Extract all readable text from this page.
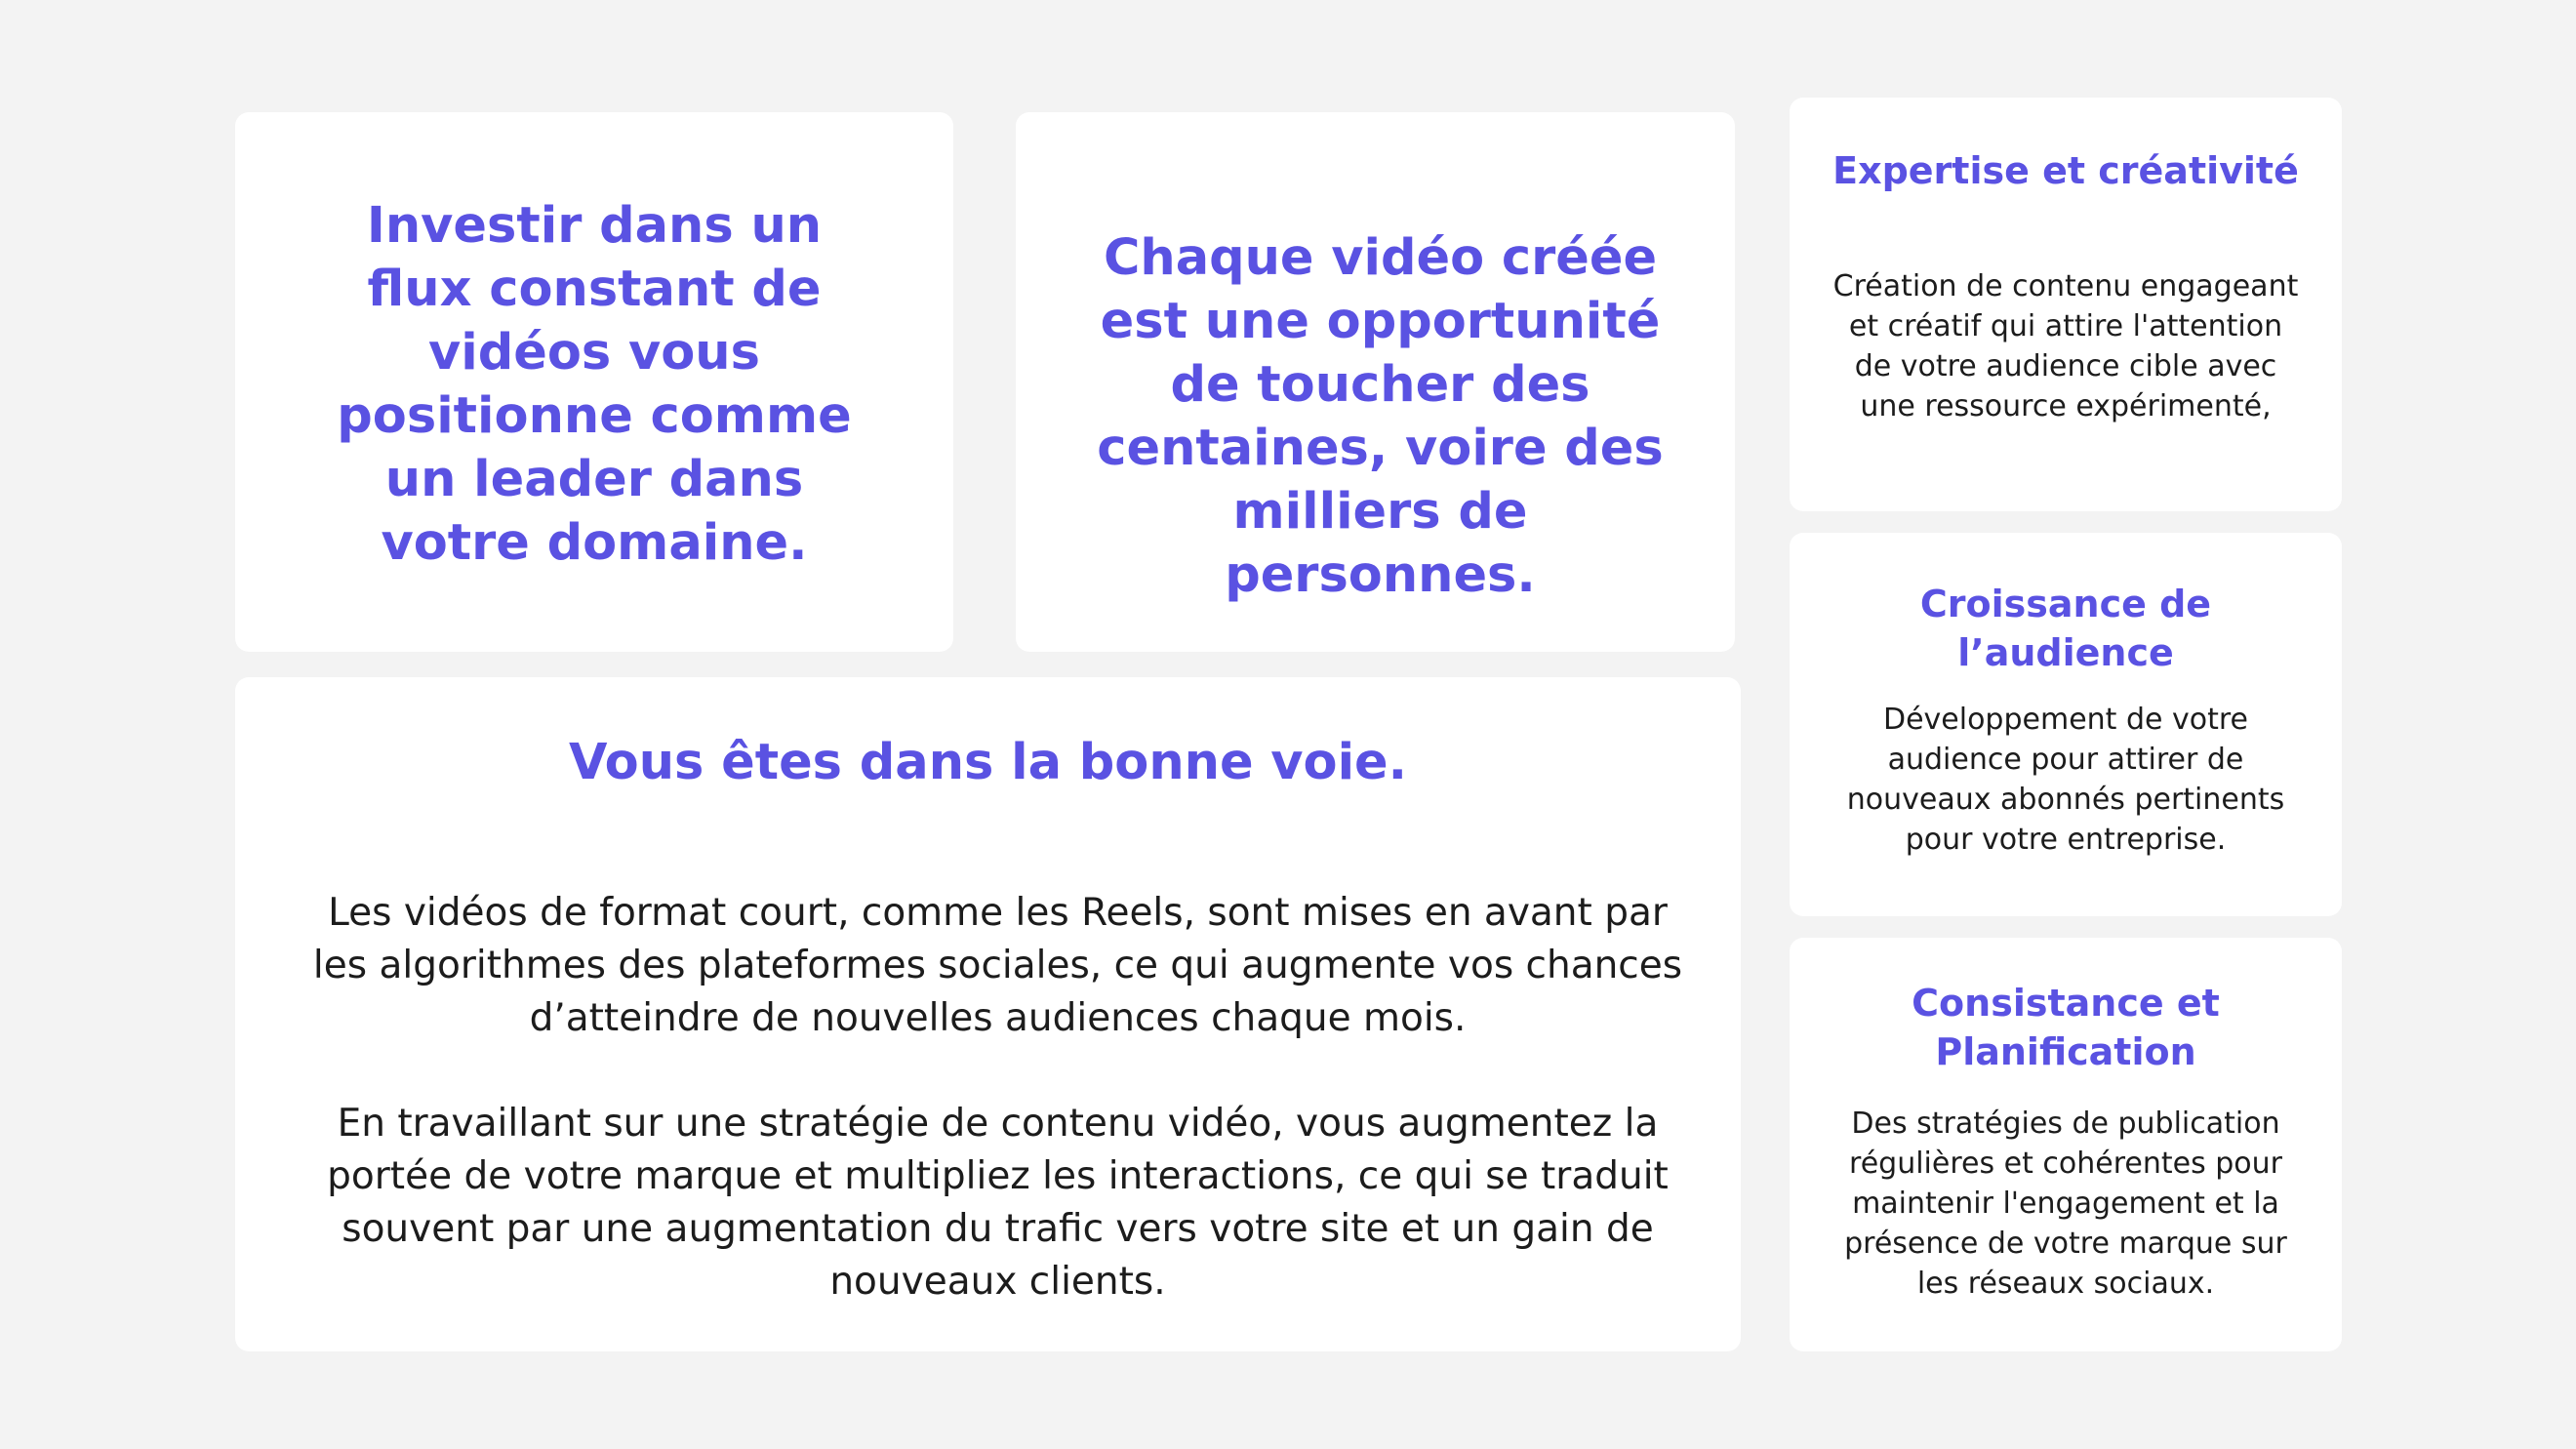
Investir dans un flux constant de vidéos vous positionne comme un leader dans votre domaine.

Chaque vidéo créée est une opportunité de toucher des centaines, voire des milliers de personnes.

Vous êtes dans la bonne voie.

Les vidéos de format court, comme les Reels, sont mises en avant par les algorithmes des plateformes sociales, ce qui augmente vos chances d’atteindre de nouvelles audiences chaque mois.

En travaillant sur une stratégie de contenu vidéo, vous augmentez la portée de votre marque et multipliez les interactions, ce qui se traduit souvent par une augmentation du trafic vers votre site et un gain de nouveaux clients.

Expertise et créativité

Création de contenu engageant et créatif qui attire l'attention de votre audience cible avec une ressource expérimenté,

Croissance de l’audience

Développement de votre audience pour attirer de nouveaux abonnés pertinents pour votre entreprise.

Consistance et Planification

Des stratégies de publication régulières et cohérentes pour maintenir l'engagement et la présence de votre marque sur les réseaux sociaux.
